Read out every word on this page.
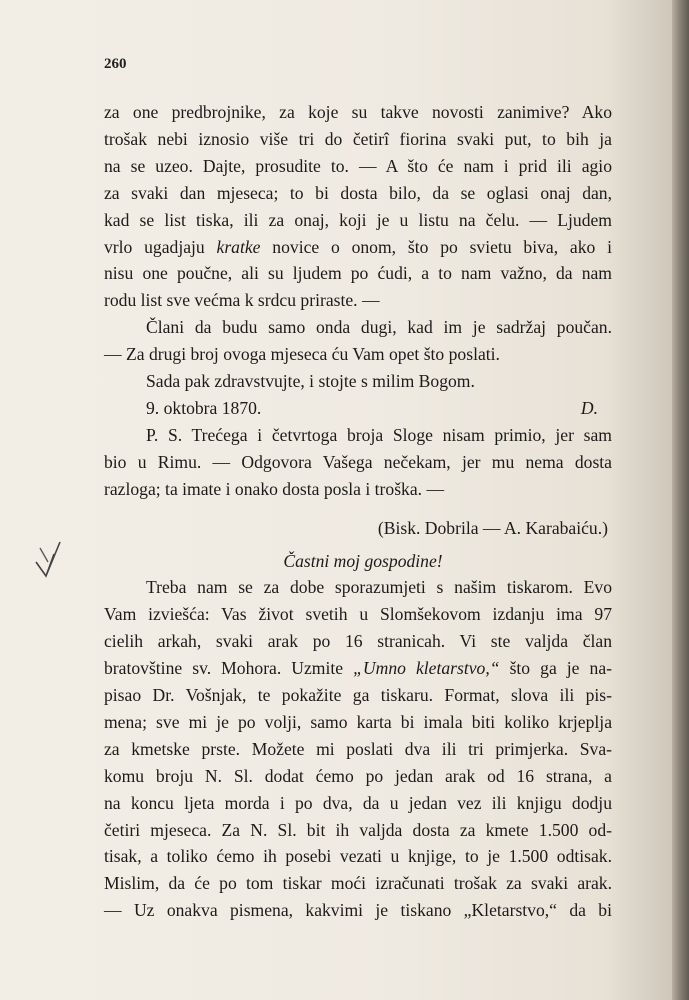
260

za one predbrojnike, za koje su takve novosti zanimive? Ako

trošak nebi iznosio više tri do četirî fiorina svaki put, to bih ja

na se uzeo. Dajte, prosudite to. — A što će nam i prid ili agio

za svaki dan mjeseca; to bi dosta bilo, da se oglasi onaj dan,

kad se list tiska, ili za onaj, koji je u listu na čelu. — Ljudem

vrlo ugadjaju kratke novice o onom, što po svietu biva, ako i

nisu one poučne, ali su ljudem po ćudi, a to nam važno, da nam

rodu list sve većma k srdcu priraste. —

Člani da budu samo onda dugi, kad im je sadržaj poučan.

— Za drugi broj ovoga mjeseca ću Vam opet što poslati.

Sada pak zdravstvujte, i stojte s milim Bogom.

9. oktobra 1870.	D.

P. S. Trećega i četvrtoga broja Sloge nisam primio, jer sam

bio u Rimu. — Odgovora Vašega nečekam, jer mu nema dosta

razloga; ta imate i onako dosta posla i troška. —

(Bisk. Dobrila — A. Karabaiću.)
Častni moj gospodine!

Treba nam se za dobe sporazumjeti s našim tiskarom. Evo

Vam izviešća: Vas život svetih u Slomšekovom izdanju ima 97

cielih arkah, svaki arak po 16 stranicah. Vi ste valjda član

bratovštine sv. Mohora. Uzmite „Umno kletarstvo,“ što ga je na-

pisao Dr. Vošnjak, te pokažite ga tiskaru. Format, slova ili pis-

mena; sve mi je po volji, samo karta bi imala biti koliko krjeplja

za kmetske prste. Možete mi poslati dva ili tri primjerka. Sva-

komu broju N. Sl. dodat ćemo po jedan arak od 16 strana, a

na koncu ljeta morda i po dva, da u jedan vez ili knjigu dodju

četiri mjeseca. Za N. Sl. bit ih valjda dosta za kmete 1.500 od-

tisak, a toliko ćemo ih posebi vezati u knjige, to je 1.500 odtisak.

Mislim, da će po tom tiskar moći izračunati trošak za svaki arak.

— Uz onakva pismena, kakvimi je tiskano „Kletarstvo,“ da bi
